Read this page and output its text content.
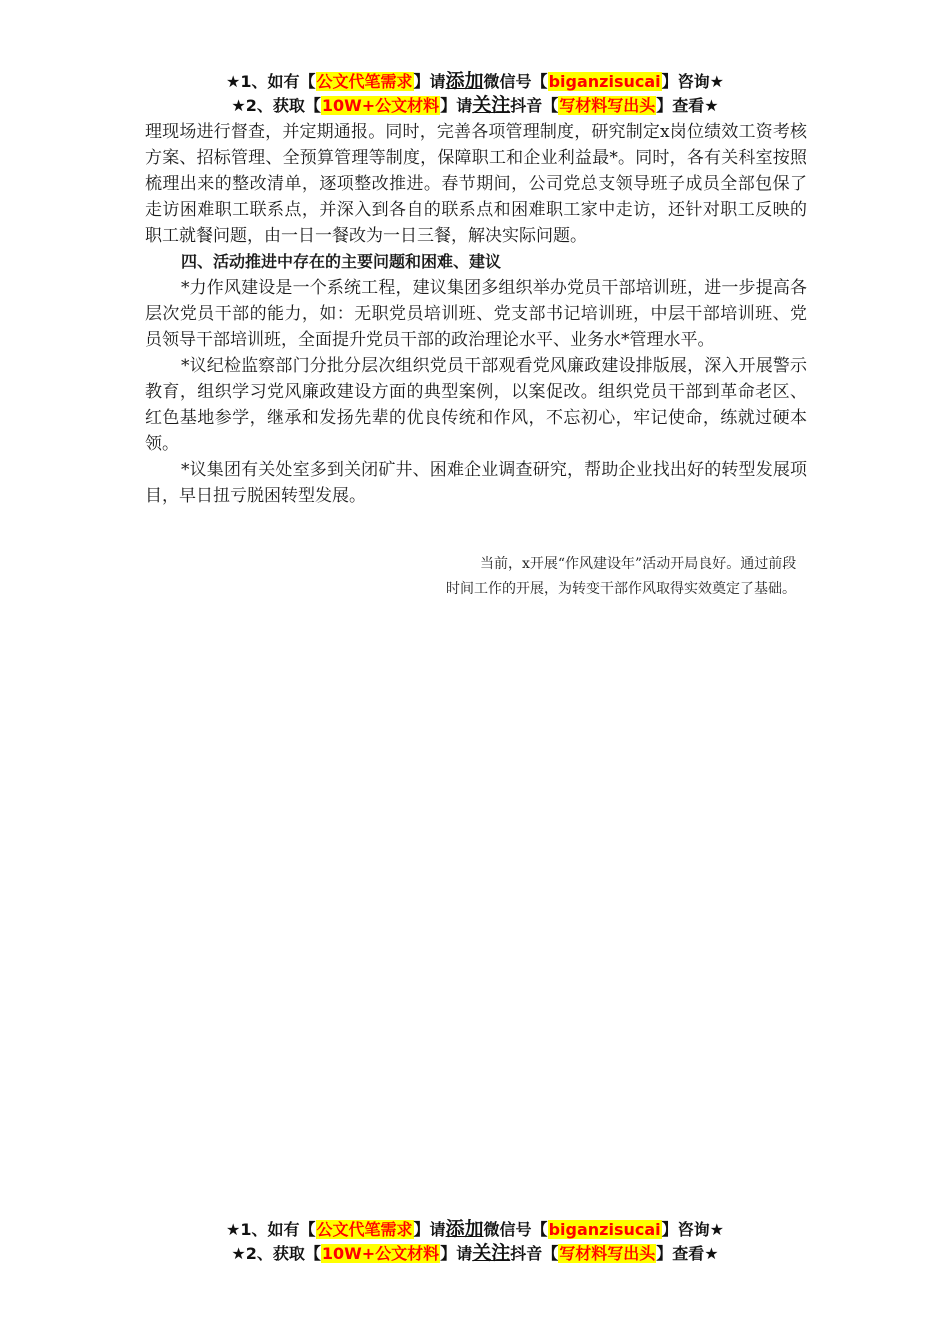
★1、如有【公文代笔需求】请添加微信号【biganzisucai】咨询★
★2、获取【10W+公文材料】请关注抖音【写材料写出头】查看★

理现场进行督查，并定期通报。同时，完善各项管理制度，研究制定x岗位绩效工资考核方案、招标管理、全预算管理等制度，保障职工和企业利益最*。同时，各有关科室按照梳理出来的整改清单，逐项整改推进。春节期间，公司党总支领导班子成员全部包保了走访困难职工联系点，并深入到各自的联系点和困难职工家中走访，还针对职工反映的职工就餐问题，由一日一餐改为一日三餐，解决实际问题。

四、活动推进中存在的主要问题和困难、建议

*力作风建设是一个系统工程，建议集团多组织举办党员干部培训班，进一步提高各层次党员干部的能力，如：无职党员培训班、党支部书记培训班，中层干部培训班、党员领导干部培训班，全面提升党员干部的政治理论水平、业务水*管理水平。

*议纪检监察部门分批分层次组织党员干部观看党风廉政建设排版展，深入开展警示教育，组织学习党风廉政建设方面的典型案例，以案促改。组织党员干部到革命老区、红色基地参学，继承和发扬先辈的优良传统和作风，不忘初心，牢记使命，练就过硬本领。

*议集团有关处室多到关闭矿井、困难企业调查研究，帮助企业找出好的转型发展项目，早日扭亏脱困转型发展。

当前，x开展“作风建设年”活动开局良好。通过前段时间工作的开展，为转变干部作风取得实效奠定了基础。

★1、如有【公文代笔需求】请添加微信号【biganzisucai】咨询★
★2、获取【10W+公文材料】请关注抖音【写材料写出头】查看★
